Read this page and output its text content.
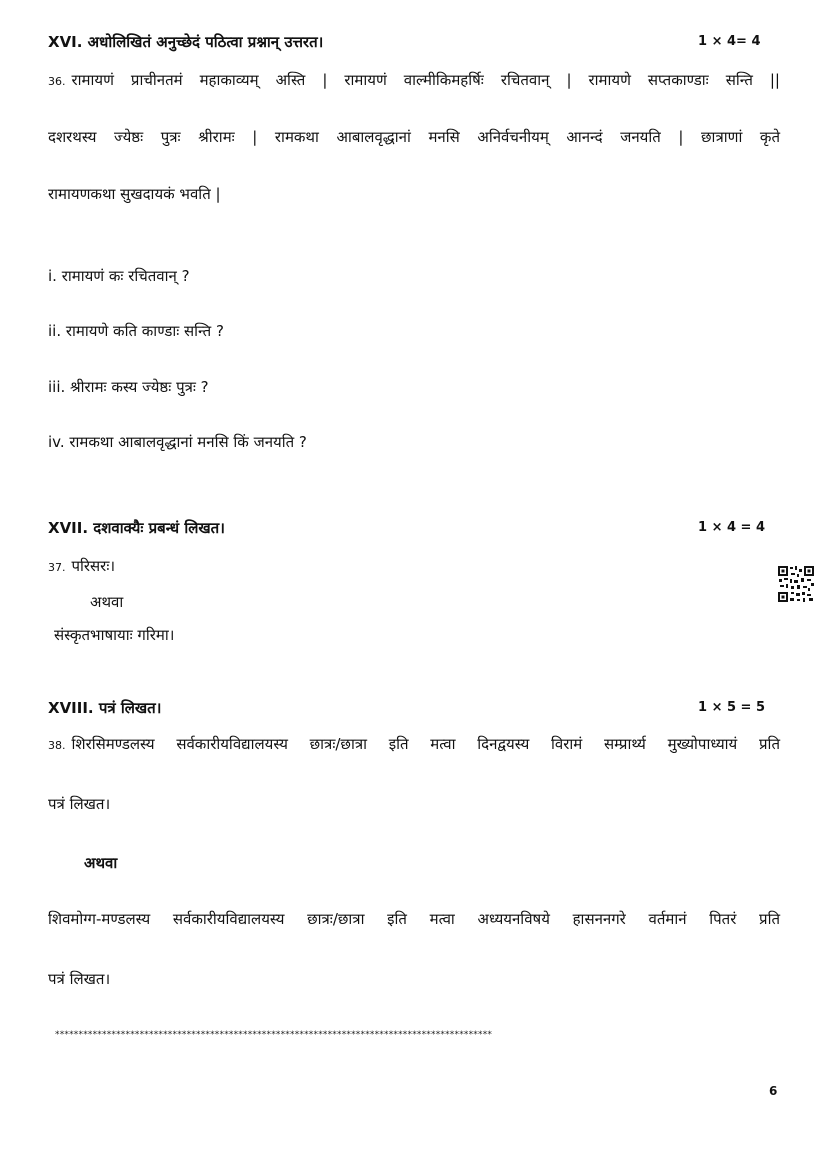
XVI. अधोलिखितं अनुच्छेदं पठित्वा प्रश्नान् उत्तरत।	1 × 4= 4
36. रामायणं प्राचीनतमं महाकाव्यम् अस्ति | रामायणं वाल्मीकिमहर्षिः रचितवान् | रामायणे सप्तकाण्डाः सन्ति ||
दशरथस्य ज्येष्ठः पुत्रः श्रीरामः | रामकथा आबालवृद्धानां मनसि अनिर्वचनीयम् आनन्दं जनयति | छात्राणां कृते
रामायणकथा सुखदायकं भवति |
i. रामायणं कः रचितवान् ?
ii. रामायणे कति काण्डाः सन्ति ?
iii. श्रीरामः कस्य ज्येष्ठः पुत्रः ?
iv. रामकथा आबालवृद्धानां मनसि किं जनयति ?
XVII. दशवाक्यैः प्रबन्धं लिखत।	1 × 4 = 4
37. परिसरः।
अथवा
संस्कृतभाषायाः गरिमा।
XVIII. पत्रं लिखत।	1 × 5 = 5
38. शिरसिमण्डलस्य सर्वकारीयविद्यालयस्य छात्रः/छात्रा इति मत्वा दिनद्वयस्य विरामं सम्प्रार्थ्य मुख्योपाध्यायं प्रति
पत्रं लिखत।
अथवा
शिवमोग्ग-मण्डलस्य सर्वकारीयविद्यालयस्य छात्रः/छात्रा इति मत्वा अध्ययनविषये हासननगरे वर्तमानं पितरं प्रति
पत्रं लिखत।
*********************************************************************************************
6
